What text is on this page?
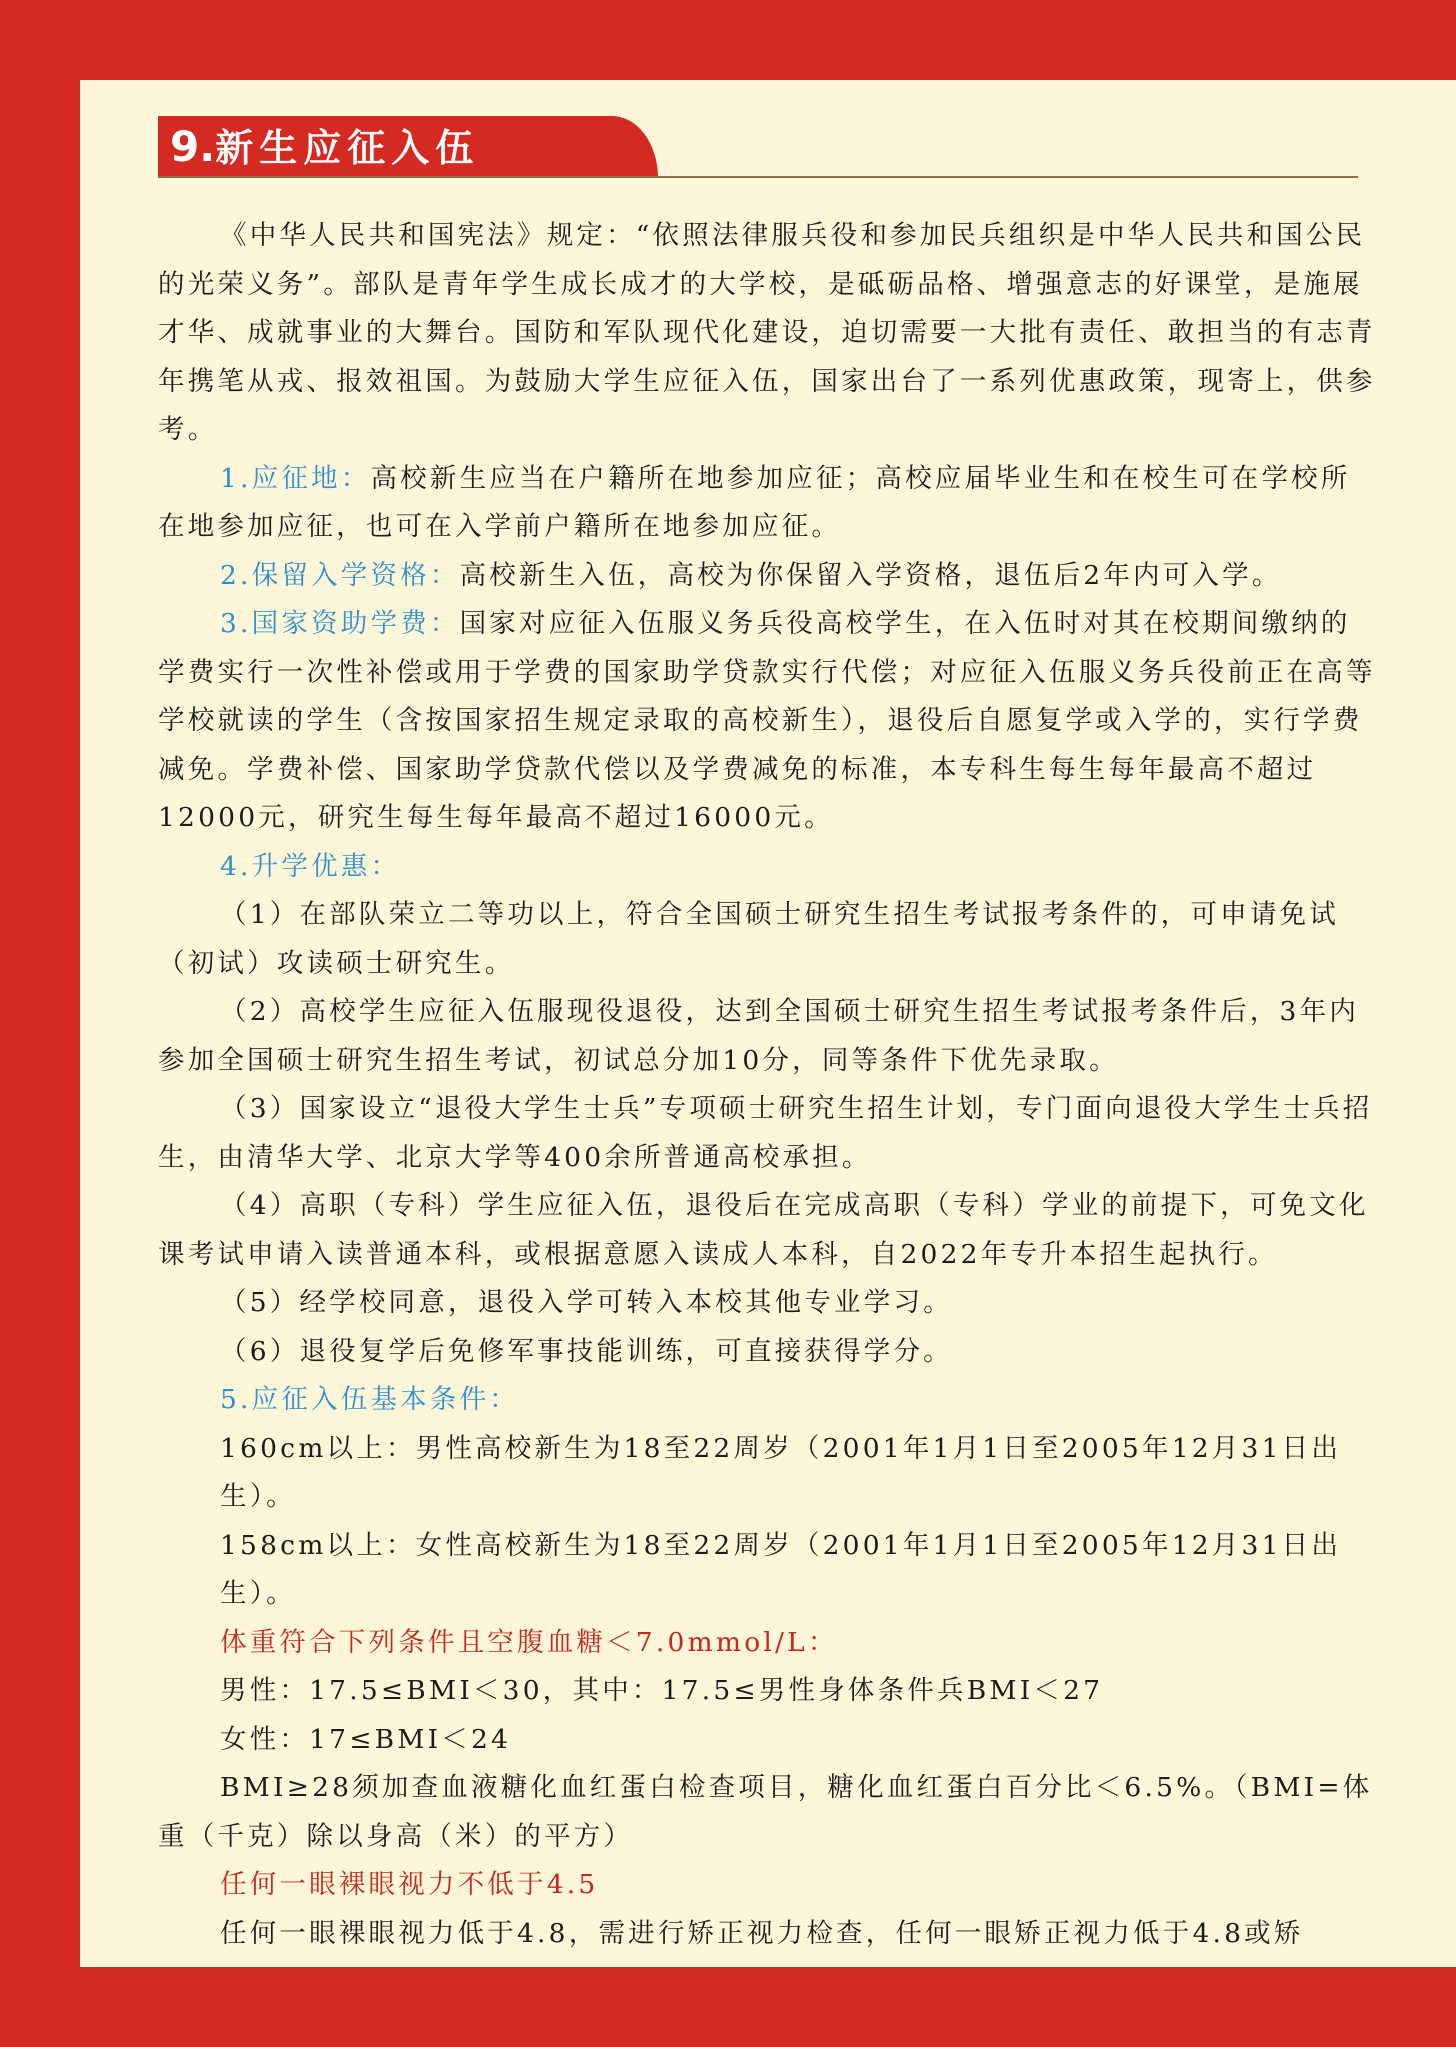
9.新生应征入伍

《中华人民共和国宪法》规定：“依照法律服兵役和参加民兵组织是中华人民共和国公民的光荣义务”。部队是青年学生成长成才的大学校，是砥砺品格、增强意志的好课堂，是施展才华、成就事业的大舞台。国防和军队现代化建设，迫切需要一大批有责任、敢担当的有志青年携笔从戎、报效祖国。为鼓励大学生应征入伍，国家出台了一系列优惠政策，现寄上，供参考。

1.应征地：高校新生应当在户籍所在地参加应征；高校应届毕业生和在校生可在学校所在地参加应征，也可在入学前户籍所在地参加应征。

2.保留入学资格：高校新生入伍，高校为你保留入学资格，退伍后2年内可入学。

3.国家资助学费：国家对应征入伍服义务兵役高校学生，在入伍时对其在校期间缴纳的学费实行一次性补偿或用于学费的国家助学贷款实行代偿；对应征入伍服义务兵役前正在高等学校就读的学生（含按国家招生规定录取的高校新生），退役后自愿复学或入学的，实行学费减免。学费补偿、国家助学贷款代偿以及学费减免的标准，本专科生每生每年最高不超过12000元，研究生每生每年最高不超过16000元。

4.升学优惠：

（1）在部队荣立二等功以上，符合全国硕士研究生招生考试报考条件的，可申请免试（初试）攻读硕士研究生。

（2）高校学生应征入伍服现役退役，达到全国硕士研究生招生考试报考条件后，3年内参加全国硕士研究生招生考试，初试总分加10分，同等条件下优先录取。

（3）国家设立“退役大学生士兵”专项硕士研究生招生计划，专门面向退役大学生士兵招生，由清华大学、北京大学等400余所普通高校承担。

（4）高职（专科）学生应征入伍，退役后在完成高职（专科）学业的前提下，可免文化课考试申请入读普通本科，或根据意愿入读成人本科，自2022年专升本招生起执行。

（5）经学校同意，退役入学可转入本校其他专业学习。

（6）退役复学后免修军事技能训练，可直接获得学分。

5.应征入伍基本条件：

160cm以上：男性高校新生为18至22周岁（2001年1月1日至2005年12月31日出生）。

158cm以上：女性高校新生为18至22周岁（2001年1月1日至2005年12月31日出生）。

体重符合下列条件且空腹血糖＜7.0mmol/L：

男性：17.5≤BMI＜30，其中：17.5≤男性身体条件兵BMI＜27

女性：17≤BMI＜24

BMI≥28须加查血液糖化血红蛋白检查项目，糖化血红蛋白百分比＜6.5%。（BMI=体重（千克）除以身高（米）的平方）

任何一眼裸眼视力不低于4.5

任何一眼裸眼视力低于4.8，需进行矫正视力检查，任何一眼矫正视力低于4.8或矫
